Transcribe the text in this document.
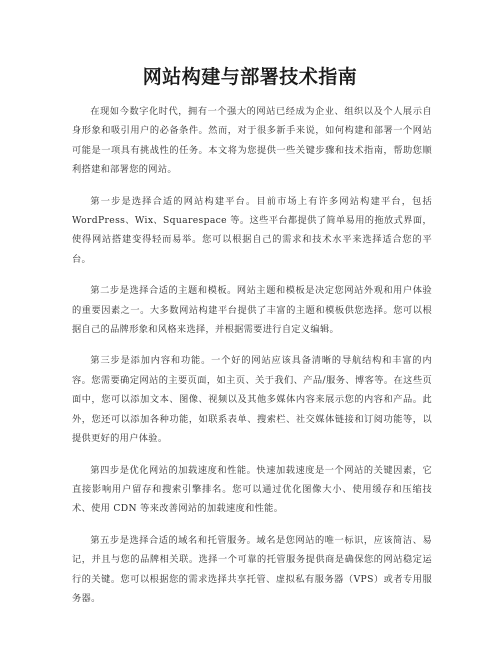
网站构建与部署技术指南

在现如今数字化时代，拥有一个强大的网站已经成为企业、组织以及个人展示自身形象和吸引用户的必备条件。然而，对于很多新手来说，如何构建和部署一个网站可能是一项具有挑战性的任务。本文将为您提供一些关键步骤和技术指南，帮助您顺利搭建和部署您的网站。

第一步是选择合适的网站构建平台。目前市场上有许多网站构建平台，包括 WordPress、Wix、Squarespace 等。这些平台都提供了简单易用的拖放式界面，使得网站搭建变得轻而易举。您可以根据自己的需求和技术水平来选择适合您的平台。

第二步是选择合适的主题和模板。网站主题和模板是决定您网站外观和用户体验的重要因素之一。大多数网站构建平台提供了丰富的主题和模板供您选择。您可以根据自己的品牌形象和风格来选择，并根据需要进行自定义编辑。

第三步是添加内容和功能。一个好的网站应该具备清晰的导航结构和丰富的内容。您需要确定网站的主要页面，如主页、关于我们、产品/服务、博客等。在这些页面中，您可以添加文本、图像、视频以及其他多媒体内容来展示您的内容和产品。此外，您还可以添加各种功能，如联系表单、搜索栏、社交媒体链接和订阅功能等，以提供更好的用户体验。

第四步是优化网站的加载速度和性能。快速加载速度是一个网站的关键因素，它直接影响用户留存和搜索引擎排名。您可以通过优化图像大小、使用缓存和压缩技术、使用 CDN 等来改善网站的加载速度和性能。

第五步是选择合适的域名和托管服务。域名是您网站的唯一标识，应该简洁、易记，并且与您的品牌相关联。选择一个可靠的托管服务提供商是确保您的网站稳定运行的关键。您可以根据您的需求选择共享托管、虚拟私有服务器（VPS）或者专用服务器。
